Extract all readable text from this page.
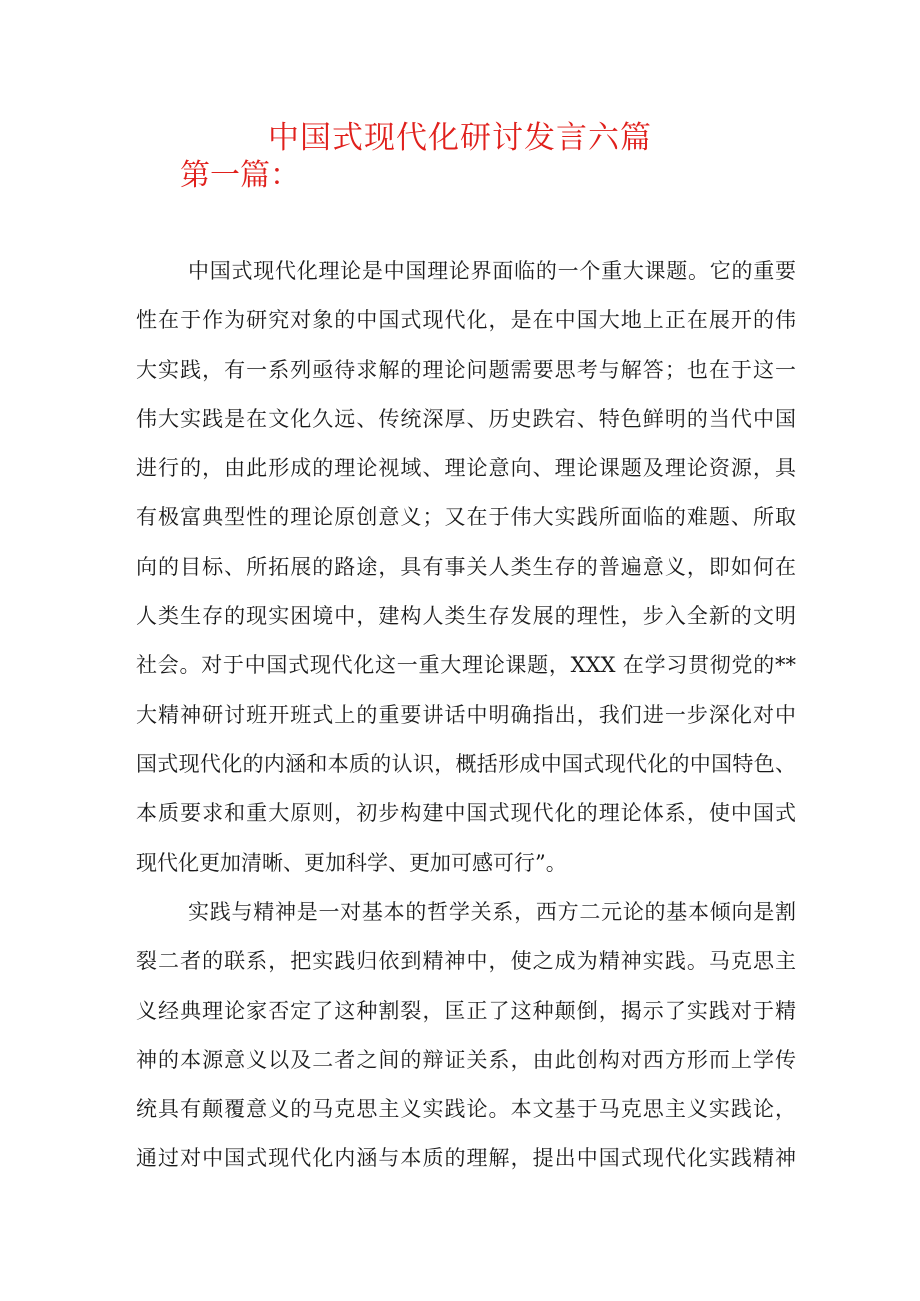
中国式现代化研讨发言六篇
第一篇：
中国式现代化理论是中国理论界面临的一个重大课题。它的重要
性在于作为研究对象的中国式现代化，是在中国大地上正在展开的伟
大实践，有一系列亟待求解的理论问题需要思考与解答；也在于这一
伟大实践是在文化久远、传统深厚、历史跌宕、特色鲜明的当代中国
进行的，由此形成的理论视域、理论意向、理论课题及理论资源，具
有极富典型性的理论原创意义；又在于伟大实践所面临的难题、所取
向的目标、所拓展的路途，具有事关人类生存的普遍意义，即如何在
人类生存的现实困境中，建构人类生存发展的理性，步入全新的文明
社会。对于中国式现代化这一重大理论课题，XXX 在学习贯彻党的**
大精神研讨班开班式上的重要讲话中明确指出，我们进一步深化对中
国式现代化的内涵和本质的认识，概括形成中国式现代化的中国特色、
本质要求和重大原则，初步构建中国式现代化的理论体系，使中国式
现代化更加清晰、更加科学、更加可感可行”。
实践与精神是一对基本的哲学关系，西方二元论的基本倾向是割
裂二者的联系，把实践归依到精神中，使之成为精神实践。马克思主
义经典理论家否定了这种割裂，匡正了这种颠倒，揭示了实践对于精
神的本源意义以及二者之间的辩证关系，由此创构对西方形而上学传
统具有颠覆意义的马克思主义实践论。本文基于马克思主义实践论，
通过对中国式现代化内涵与本质的理解，提出中国式现代化实践精神
